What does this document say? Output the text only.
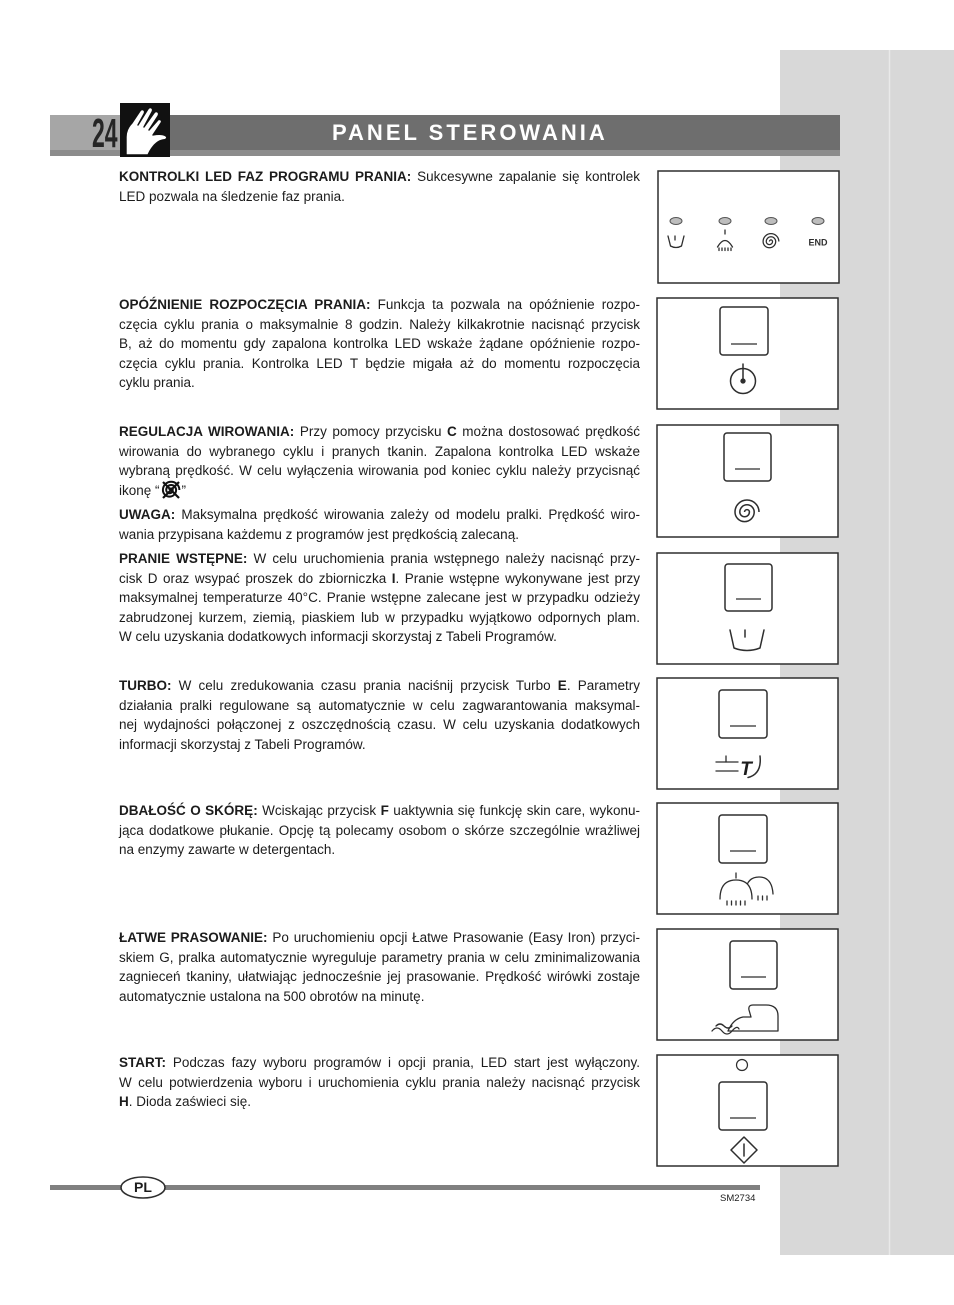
END
T
24	PANEL STEROWANIA
KONTROLKI LED FAZ PROGRAMU PRANIA: Sukcesywne zapalanie się kontrolek
LED pozwala na śledzenie faz prania.
OPÓŹNIENIE ROZPOCZĘCIA PRANIA: Funkcja ta pozwala na opóźnienie rozpo-
częcia cyklu prania o maksymalnie 8 godzin. Należy kilkakrotnie nacisnąć przycisk
B, aż do momentu gdy zapalona kontrolka LED wskaże żądane opóźnienie rozpo-
częcia cyklu prania. Kontrolka LED T będzie migała aż do momentu rozpoczęcia
cyklu prania.
REGULACJA WIROWANIA: Przy pomocy przycisku C można dostosować prędkość
wirowania do wybranego cyklu i pranych tkanin. Zapalona kontrolka LED wskaże
wybraną prędkość. W celu wyłączenia wirowania pod koniec cyklu należy przycisnąć
ikonę “ ”
UWAGA: Maksymalna prędkość wirowania zależy od modelu pralki. Prędkość wiro-
wania przypisana każdemu z programów jest prędkością zalecaną.
PRANIE WSTĘPNE: W celu uruchomienia prania wstępnego należy nacisnąć przy-
cisk D oraz wsypać proszek do zbiorniczka I. Pranie wstępne wykonywane jest przy
maksymalnej temperaturze 40°C. Pranie wstępne zalecane jest w przypadku odzieży
zabrudzonej kurzem, ziemią, piaskiem lub w przypadku wyjątkowo odpornych plam.
W celu uzyskania dodatkowych informacji skorzystaj z Tabeli Programów.
TURBO: W celu zredukowania czasu prania naciśnij przycisk Turbo E. Parametry
działania pralki regulowane są automatycznie w celu zagwarantowania maksymal-
nej wydajności połączonej z oszczędnością czasu. W celu uzyskania dodatkowych
informacji skorzystaj z Tabeli Programów.
DBAŁOŚĆ O SKÓRĘ: Wciskając przycisk F uaktywnia się funkcję skin care, wykonu-
jąca dodatkowe płukanie. Opcję tą polecamy osobom o skórze szczególnie wrażliwej
na enzymy zawarte w detergentach.
ŁATWE PRASOWANIE: Po uruchomieniu opcji Łatwe Prasowanie (Easy Iron) przyci-
skiem G, pralka automatycznie wyreguluje parametry prania w celu zminimalizowania
zagnieceń tkaniny, ułatwiając jednocześnie jej prasowanie. Prędkość wirówki zostaje
automatycznie ustalona na 500 obrotów na minutę.
START: Podczas fazy wyboru programów i opcji prania, LED start jest wyłączony.
W celu potwierdzenia wyboru i uruchomienia cyklu prania należy nacisnąć przycisk
H. Dioda zaświeci się.
PL
SM2734
